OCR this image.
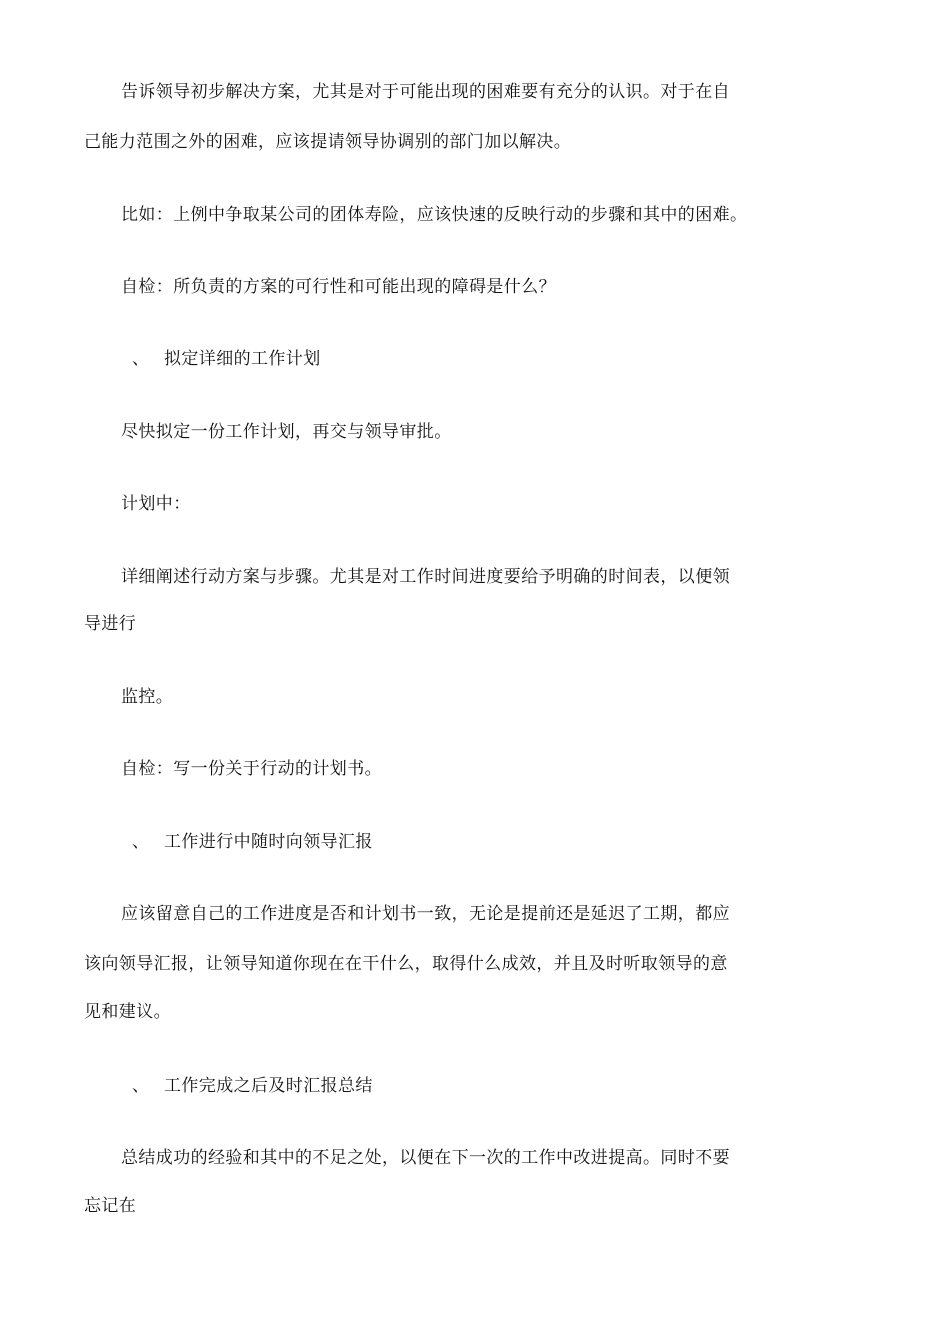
告诉领导初步解决方案，尤其是对于可能出现的困难要有充分的认识。对于在自
己能力范围之外的困难，应该提请领导协调别的部门加以解决。
比如：上例中争取某公司的团体寿险，应该快速的反映行动的步骤和其中的困难。
自检：所负责的方案的可行性和可能出现的障碍是什么？
、 拟定详细的工作计划
尽快拟定一份工作计划，再交与领导审批。
计划中：
详细阐述行动方案与步骤。尤其是对工作时间进度要给予明确的时间表，以便领
导进行
监控。
自检：写一份关于行动的计划书。
、 工作进行中随时向领导汇报
应该留意自己的工作进度是否和计划书一致，无论是提前还是延迟了工期，都应
该向领导汇报，让领导知道你现在在干什么，取得什么成效，并且及时听取领导的意
见和建议。
、 工作完成之后及时汇报总结
总结成功的经验和其中的不足之处，以便在下一次的工作中改进提高。同时不要
忘记在
